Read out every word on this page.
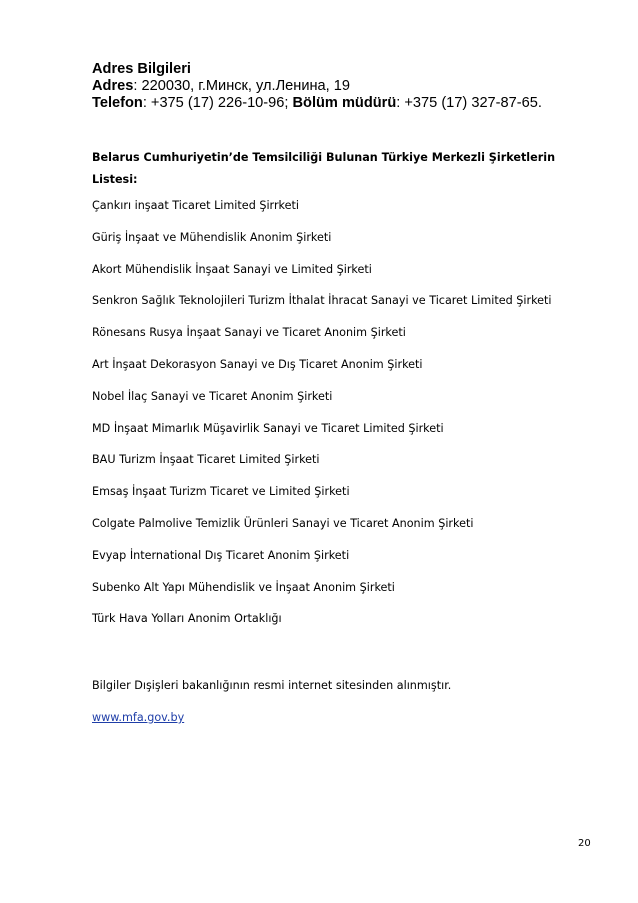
Adres Bilgileri
Adres: 220030, г.Минск, ул.Ленина, 19
Telefon: +375 (17) 226-10-96; Bölüm müdürü: +375 (17) 327-87-65.
Belarus Cumhuriyetin’de Temsilciliği Bulunan Türkiye Merkezli Şirketlerin
Listesi:
Çankırı inşaat Ticaret Limited Şirrketi
Güriş İnşaat ve Mühendislik Anonim Şirketi
Akort Mühendislik İnşaat Sanayi ve Limited Şirketi
Senkron Sağlık Teknolojileri Turizm İthalat İhracat Sanayi ve Ticaret Limited Şirketi
Rönesans Rusya İnşaat Sanayi ve Ticaret Anonim Şirketi
Art İnşaat Dekorasyon Sanayi ve Dış Ticaret Anonim Şirketi
Nobel İlaç Sanayi ve Ticaret Anonim Şirketi
MD İnşaat Mimarlık Müşavirlik Sanayi ve Ticaret Limited Şirketi
BAU Turizm İnşaat Ticaret Limited Şirketi
Emsaş İnşaat Turizm Ticaret ve Limited Şirketi
Colgate Palmolive Temizlik Ürünleri Sanayi ve Ticaret Anonim Şirketi
Evyap İnternational Dış Ticaret Anonim Şirketi
Subenko Alt Yapı Mühendislik ve İnşaat Anonim Şirketi
Türk Hava Yolları Anonim Ortaklığı
Bilgiler Dışişleri bakanlığının resmi internet sitesinden alınmıştır.
www.mfa.gov.by
20
